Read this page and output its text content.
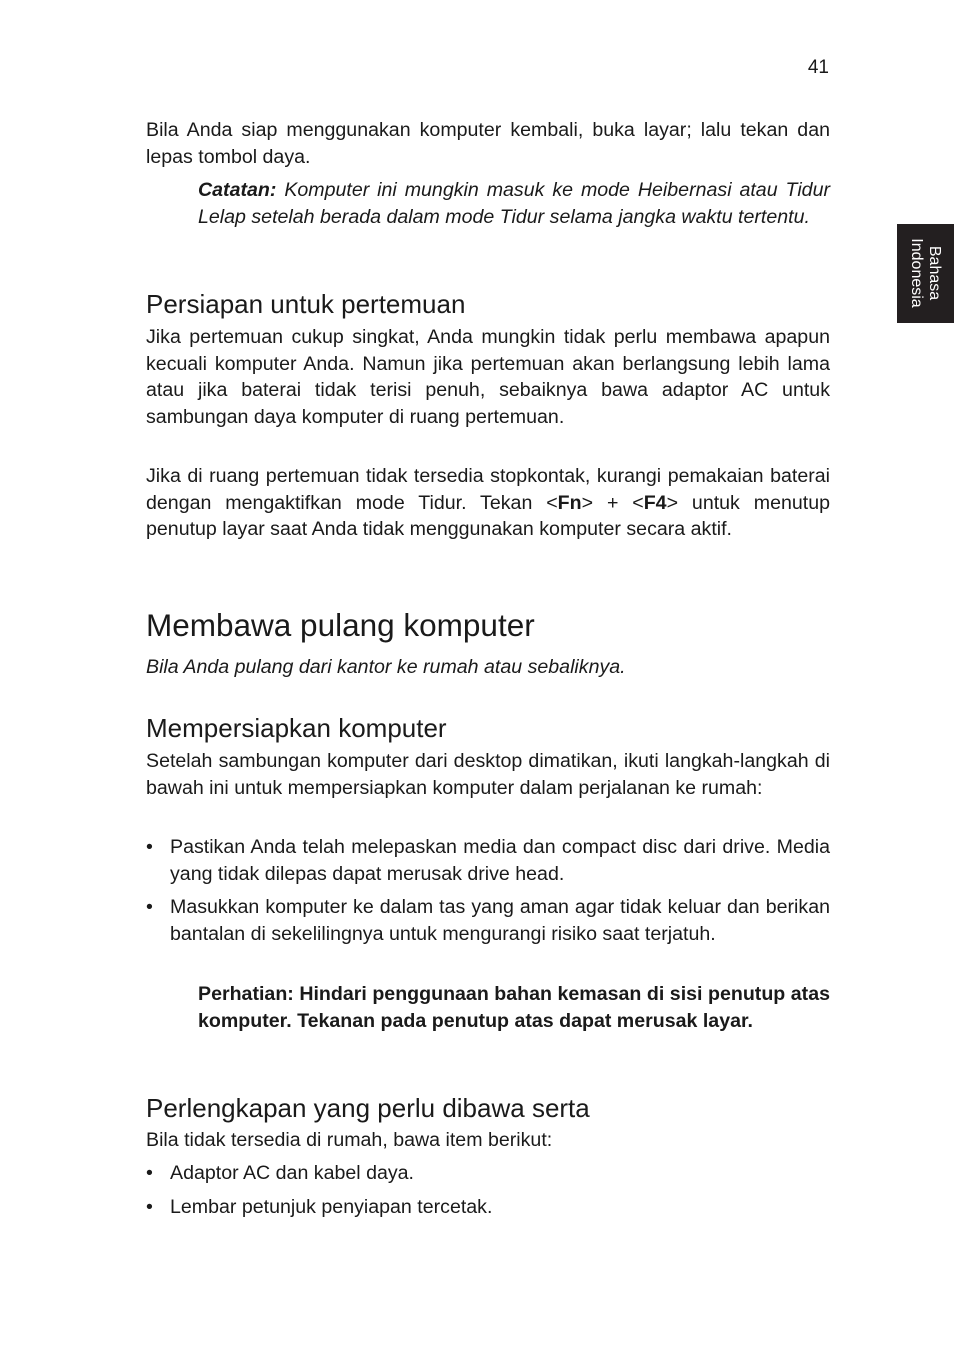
41
Bahasa
Indonesia

Bila Anda siap menggunakan komputer kembali, buka layar; lalu tekan dan lepas tombol daya.

Catatan: Komputer ini mungkin masuk ke mode Heibernasi atau Tidur Lelap setelah berada dalam mode Tidur selama jangka waktu tertentu.

Persiapan untuk pertemuan

Jika pertemuan cukup singkat, Anda mungkin tidak perlu membawa apapun kecuali komputer Anda. Namun jika pertemuan akan berlangsung lebih lama atau jika baterai tidak terisi penuh, sebaiknya bawa adaptor AC untuk sambungan daya komputer di ruang pertemuan.

Jika di ruang pertemuan tidak tersedia stopkontak, kurangi pemakaian baterai dengan mengaktifkan mode Tidur. Tekan <Fn> + <F4> untuk menutup penutup layar saat Anda tidak menggunakan komputer secara aktif.

Membawa pulang komputer

Bila Anda pulang dari kantor ke rumah atau sebaliknya.

Mempersiapkan komputer

Setelah sambungan komputer dari desktop dimatikan, ikuti langkah-langkah di bawah ini untuk mempersiapkan komputer dalam perjalanan ke rumah:

• Pastikan Anda telah melepaskan media dan compact disc dari drive. Media yang tidak dilepas dapat merusak drive head.
• Masukkan komputer ke dalam tas yang aman agar tidak keluar dan berikan bantalan di sekelilingnya untuk mengurangi risiko saat terjatuh.

Perhatian: Hindari penggunaan bahan kemasan di sisi penutup atas komputer. Tekanan pada penutup atas dapat merusak layar.

Perlengkapan yang perlu dibawa serta

Bila tidak tersedia di rumah, bawa item berikut:

• Adaptor AC dan kabel daya.
• Lembar petunjuk penyiapan tercetak.
